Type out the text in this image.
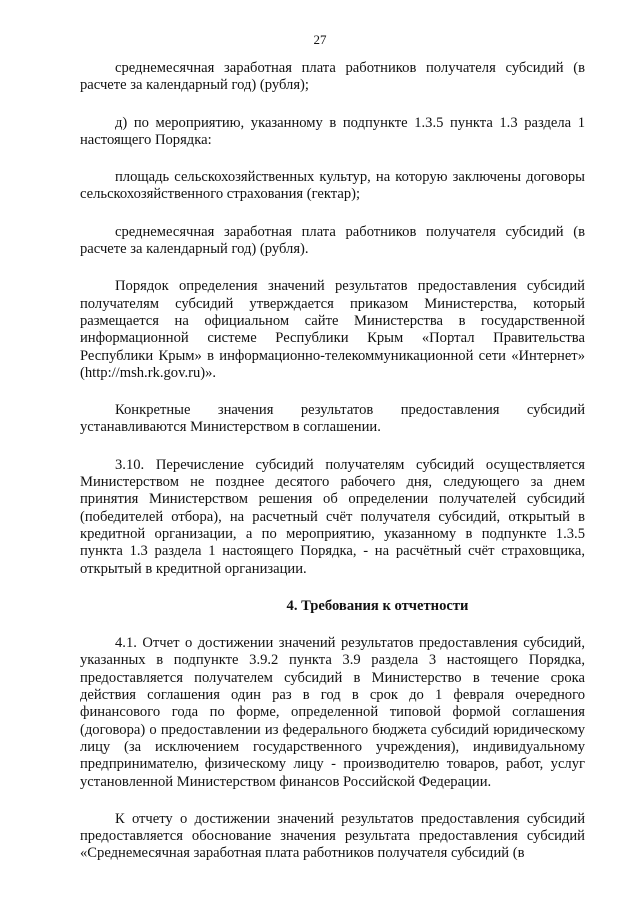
27

среднемесячная заработная плата работников получателя субсидий (в расчете за календарный год) (рубля);

д) по мероприятию, указанному в подпункте 1.3.5 пункта 1.3 раздела 1 настоящего Порядка:

площадь сельскохозяйственных культур, на которую заключены договоры сельскохозяйственного страхования (гектар);

среднемесячная заработная плата работников получателя субсидий (в расчете за календарный год) (рубля).

Порядок определения значений результатов предоставления субсидий получателям субсидий утверждается приказом Министерства, который размещается на официальном сайте Министерства в государственной информационной системе Республики Крым «Портал Правительства Республики Крым» в информационно-телекоммуникационной сети «Интернет» (http://msh.rk.gov.ru)».

Конкретные значения результатов предоставления субсидий устанавливаются Министерством в соглашении.

3.10. Перечисление субсидий получателям субсидий осуществляется Министерством не позднее десятого рабочего дня, следующего за днем принятия Министерством решения об определении получателей субсидий (победителей отбора), на расчетный счёт получателя субсидий, открытый в кредитной организации, а по мероприятию, указанному в подпункте 1.3.5 пункта 1.3 раздела 1 настоящего Порядка, - на расчётный счёт страховщика, открытый в кредитной организации.

4. Требования к отчетности

4.1. Отчет о достижении значений результатов предоставления субсидий, указанных в подпункте 3.9.2 пункта 3.9 раздела 3 настоящего Порядка, предоставляется получателем субсидий в Министерство в течение срока действия соглашения один раз в год в срок до 1 февраля очередного финансового года по форме, определенной типовой формой соглашения (договора) о предоставлении из федерального бюджета субсидий юридическому лицу (за исключением государственного учреждения), индивидуальному предпринимателю, физическому лицу - производителю товаров, работ, услуг установленной Министерством финансов Российской Федерации.

К отчету о достижении значений результатов предоставления субсидий предоставляется обоснование значения результата предоставления субсидий «Среднемесячная заработная плата работников получателя субсидий (в
